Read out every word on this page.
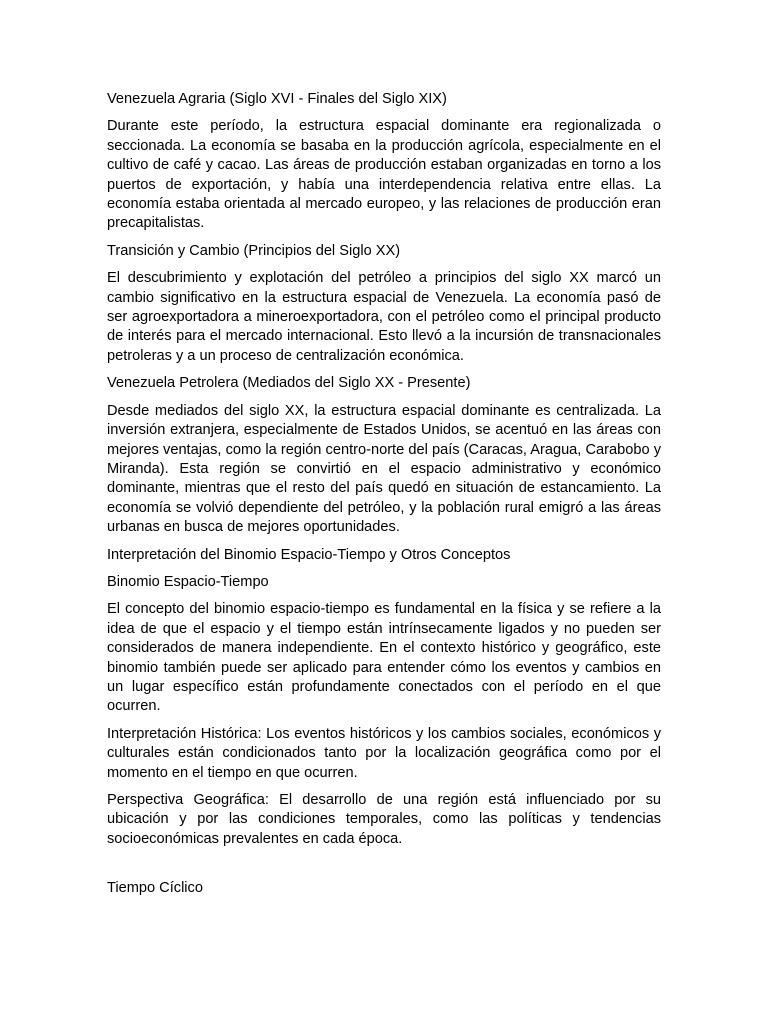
Venezuela Agraria (Siglo XVI - Finales del Siglo XIX)
Durante este período, la estructura espacial dominante era regionalizada o seccionada. La economía se basaba en la producción agrícola, especialmente en el cultivo de café y cacao. Las áreas de producción estaban organizadas en torno a los puertos de exportación, y había una interdependencia relativa entre ellas. La economía estaba orientada al mercado europeo, y las relaciones de producción eran precapitalistas.
Transición y Cambio (Principios del Siglo XX)
El descubrimiento y explotación del petróleo a principios del siglo XX marcó un cambio significativo en la estructura espacial de Venezuela. La economía pasó de ser agroexportadora a mineroexportadora, con el petróleo como el principal producto de interés para el mercado internacional. Esto llevó a la incursión de transnacionales petroleras y a un proceso de centralización económica.
Venezuela Petrolera (Mediados del Siglo XX - Presente)
Desde mediados del siglo XX, la estructura espacial dominante es centralizada. La inversión extranjera, especialmente de Estados Unidos, se acentuó en las áreas con mejores ventajas, como la región centro-norte del país (Caracas, Aragua, Carabobo y Miranda). Esta región se convirtió en el espacio administrativo y económico dominante, mientras que el resto del país quedó en situación de estancamiento. La economía se volvió dependiente del petróleo, y la población rural emigró a las áreas urbanas en busca de mejores oportunidades.
Interpretación del Binomio Espacio-Tiempo y Otros Conceptos
Binomio Espacio-Tiempo
El concepto del binomio espacio-tiempo es fundamental en la física y se refiere a la idea de que el espacio y el tiempo están intrínsecamente ligados y no pueden ser considerados de manera independiente. En el contexto histórico y geográfico, este binomio también puede ser aplicado para entender cómo los eventos y cambios en un lugar específico están profundamente conectados con el período en el que ocurren.
Interpretación Histórica: Los eventos históricos y los cambios sociales, económicos y culturales están condicionados tanto por la localización geográfica como por el momento en el tiempo en que ocurren.
Perspectiva Geográfica: El desarrollo de una región está influenciado por su ubicación y por las condiciones temporales, como las políticas y tendencias socioeconómicas prevalentes en cada época.
Tiempo Cíclico
